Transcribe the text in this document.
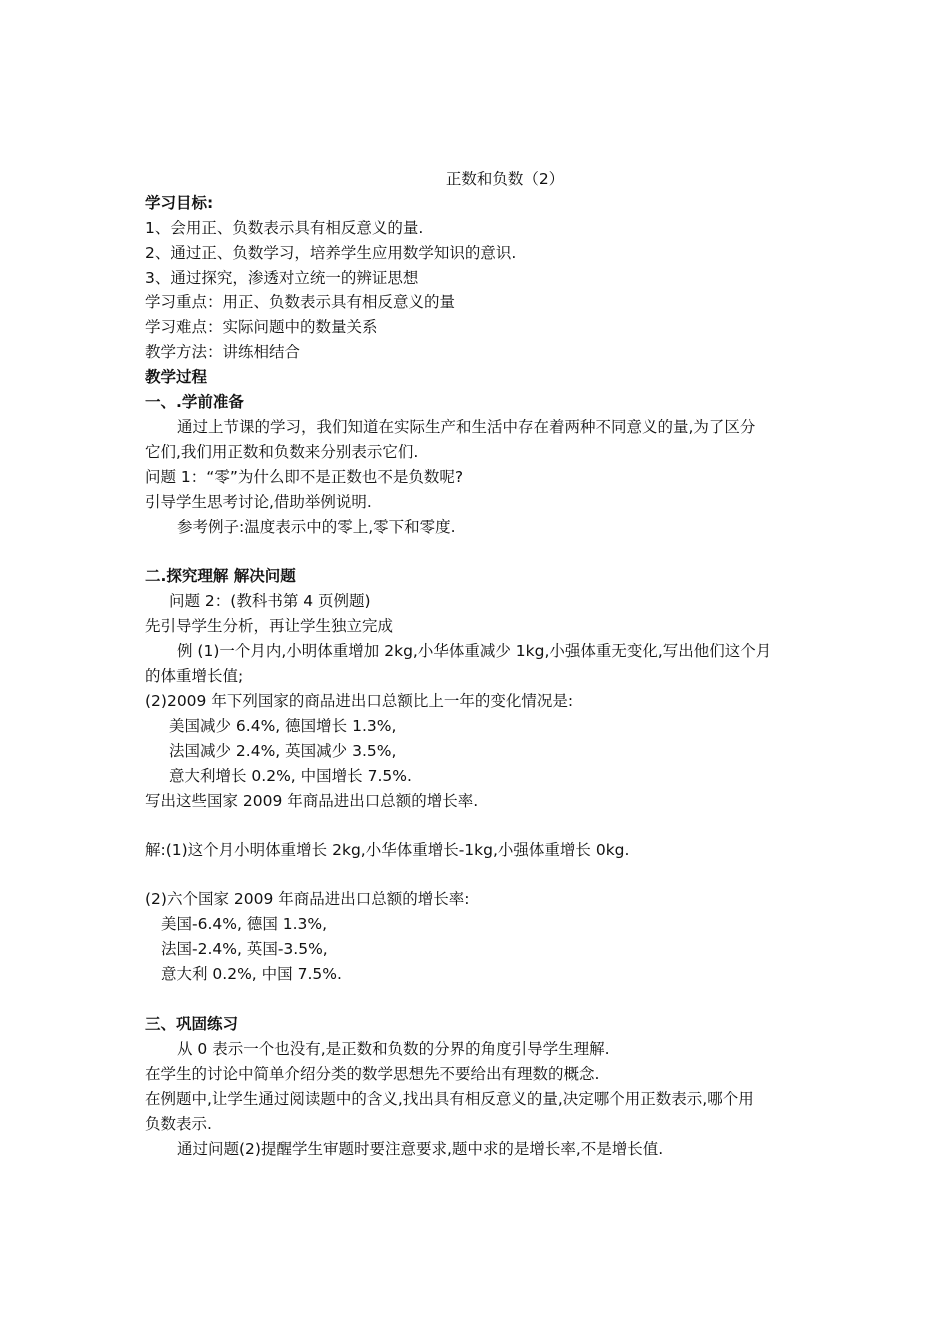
正数和负数（2）

学习目标:

1、会用正、负数表示具有相反意义的量.

2、通过正、负数学习，培养学生应用数学知识的意识.

3、通过探究，渗透对立统一的辨证思想

学习重点：用正、负数表示具有相反意义的量

学习难点：实际问题中的数量关系

教学方法：讲练相结合

教学过程

一、.学前准备

通过上节课的学习，我们知道在实际生产和生活中存在着两种不同意义的量,为了区分

它们,我们用正数和负数来分别表示它们.

问题 1：“零”为什么即不是正数也不是负数呢?

引导学生思考讨论,借助举例说明.

参考例子:温度表示中的零上,零下和零度.

二.探究理解 解决问题

问题 2：(教科书第 4 页例题)

先引导学生分析，再让学生独立完成

例 (1)一个月内,小明体重增加 2kg,小华体重减少 1kg,小强体重无变化,写出他们这个月

的体重增长值;

(2)2009 年下列国家的商品进出口总额比上一年的变化情况是:

美国减少 6.4%, 德国增长 1.3%,

法国减少 2.4%, 英国减少 3.5%,

意大利增长 0.2%, 中国增长 7.5%.

写出这些国家 2009 年商品进出口总额的增长率.

解:(1)这个月小明体重增长 2kg,小华体重增长-1kg,小强体重增长 0kg.

(2)六个国家 2009 年商品进出口总额的增长率:

美国-6.4%, 德国 1.3%,

法国-2.4%, 英国-3.5%,

意大利 0.2%, 中国 7.5%.

三、巩固练习

从 0 表示一个也没有,是正数和负数的分界的角度引导学生理解.

在学生的讨论中简单介绍分类的数学思想先不要给出有理数的概念.

在例题中,让学生通过阅读题中的含义,找出具有相反意义的量,决定哪个用正数表示,哪个用

负数表示.

通过问题(2)提醒学生审题时要注意要求,题中求的是增长率,不是增长值.
